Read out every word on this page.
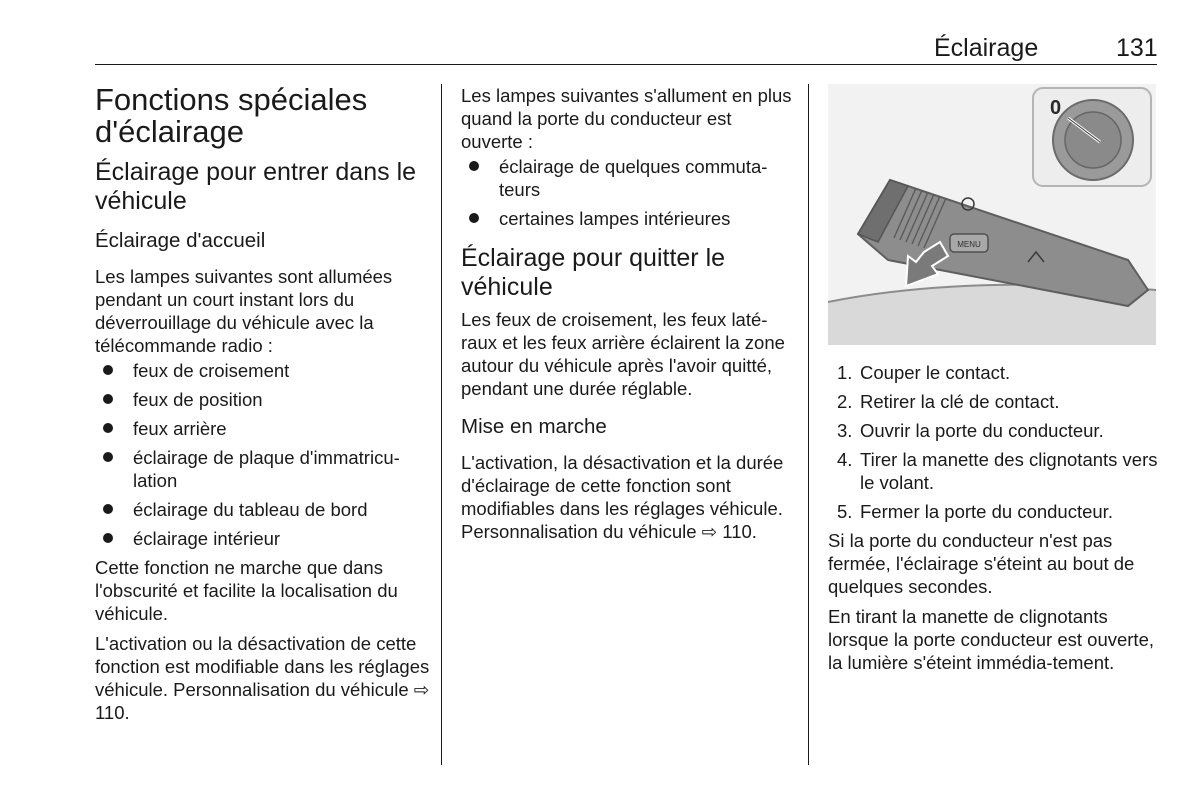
Éclairage	131
Fonctions spéciales d'éclairage
Éclairage pour entrer dans le véhicule
Éclairage d'accueil
Les lampes suivantes sont allumées pendant un court instant lors du déverrouillage du véhicule avec la télécommande radio :
feux de croisement
feux de position
feux arrière
éclairage de plaque d'immatricu-lation
éclairage du tableau de bord
éclairage intérieur
Cette fonction ne marche que dans l'obscurité et facilite la localisation du véhicule.
L'activation ou la désactivation de cette fonction est modifiable dans les réglages véhicule. Personnalisation du véhicule ⇨ 110.
Les lampes suivantes s'allument en plus quand la porte du conducteur est ouverte :
éclairage de quelques commuta-teurs
certaines lampes intérieures
Éclairage pour quitter le véhicule
Les feux de croisement, les feux laté-raux et les feux arrière éclairent la zone autour du véhicule après l'avoir quitté, pendant une durée réglable.
Mise en marche
L'activation, la désactivation et la durée d'éclairage de cette fonction sont modifiables dans les réglages véhicule. Personnalisation du véhicule ⇨ 110.
MENU
0
1. Couper le contact.
2. Retirer la clé de contact.
3. Ouvrir la porte du conducteur.
4. Tirer la manette des clignotants vers le volant.
5. Fermer la porte du conducteur.
Si la porte du conducteur n'est pas fermée, l'éclairage s'éteint au bout de quelques secondes.
En tirant la manette de clignotants lorsque la porte conducteur est ouverte, la lumière s'éteint immédia-tement.
